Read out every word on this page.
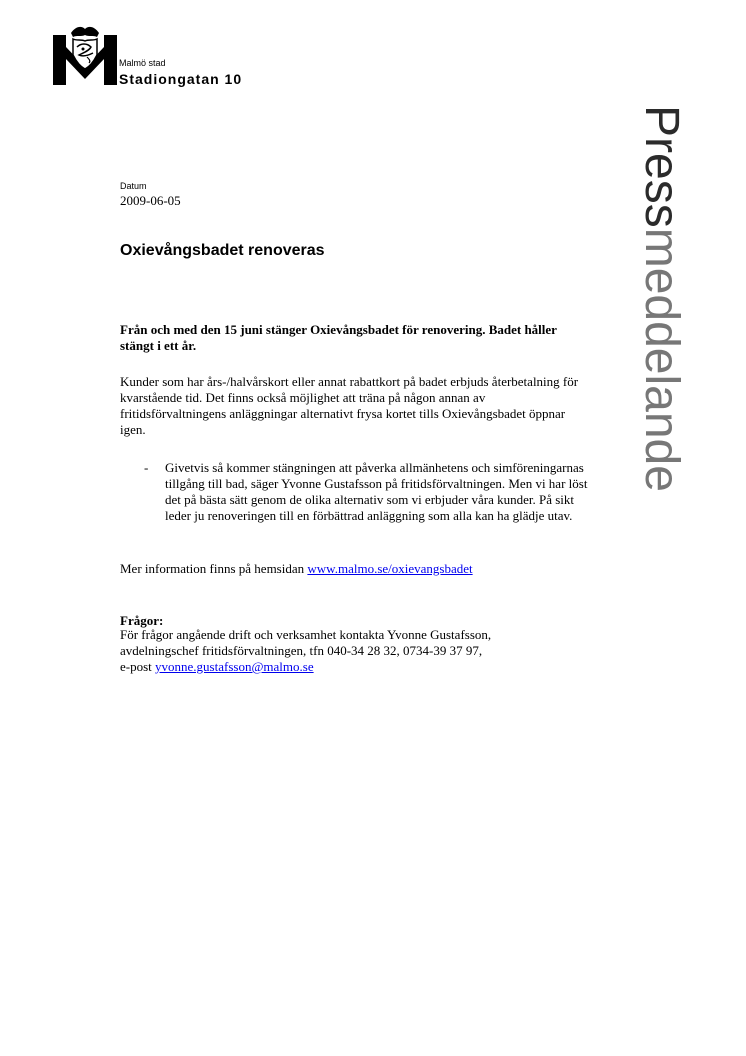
Malmö stad
Stadiongatan 10
Pressmeddelande
Datum
2009-06-05
Oxievångsbadet renoveras
Från och med den 15 juni stänger Oxievångsbadet för renovering. Badet håller stängt i ett år.
Kunder som har års-/halvårskort eller annat rabattkort på badet erbjuds återbetalning för kvarstående tid. Det finns också möjlighet att träna på någon annan av fritidsförvaltningens anläggningar alternativt frysa kortet tills Oxievångsbadet öppnar igen.
- Givetvis så kommer stängningen att påverka allmänhetens och simföreningarnas tillgång till bad, säger Yvonne Gustafsson på fritidsförvaltningen. Men vi har löst det på bästa sätt genom de olika alternativ som vi erbjuder våra kunder. På sikt leder ju renoveringen till en förbättrad anläggning som alla kan ha glädje utav.
Mer information finns på hemsidan www.malmo.se/oxievangsbadet
Frågor:
För frågor angående drift och verksamhet kontakta Yvonne Gustafsson,
avdelningschef fritidsförvaltningen, tfn 040-34 28 32, 0734-39 37 97,
e-post yvonne.gustafsson@malmo.se
